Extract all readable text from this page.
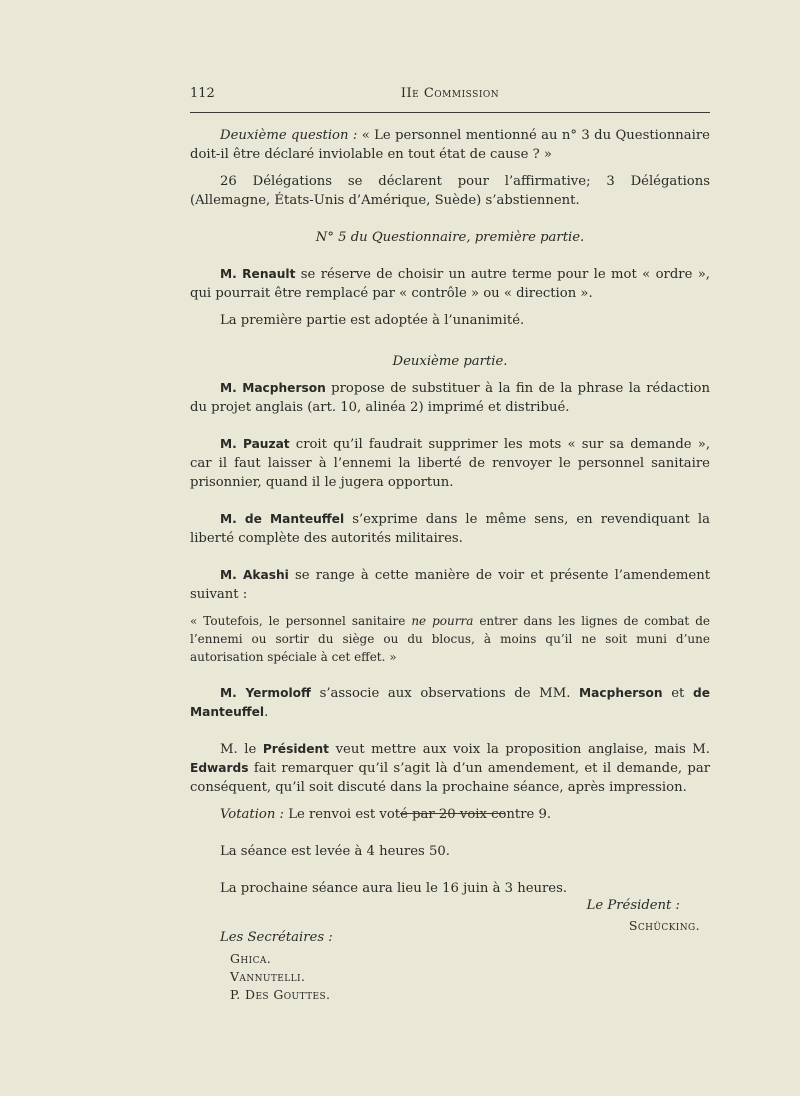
112	IIe Commission

Deuxième question : « Le personnel mentionné au n° 3 du Questionnaire doit-il être déclaré inviolable en tout état de cause ? »

26 Délégations se déclarent pour l’affirmative; 3 Délégations (Allemagne, États-Unis d’Amérique, Suède) s’abstiennent.

N° 5 du Questionnaire, première partie.

M. Renault se réserve de choisir un autre terme pour le mot « ordre », qui pourrait être remplacé par « contrôle » ou « direction ».

La première partie est adoptée à l’unanimité.

Deuxième partie.

M. Macpherson propose de substituer à la fin de la phrase la rédaction du projet anglais (art. 10, alinéa 2) imprimé et distribué.

M. Pauzat croit qu’il faudrait supprimer les mots « sur sa demande », car il faut laisser à l’ennemi la liberté de renvoyer le personnel sanitaire prisonnier, quand il le jugera opportun.

M. de Manteuffel s’exprime dans le même sens, en revendiquant la liberté complète des autorités militaires.

M. Akashi se range à cette manière de voir et présente l’amendement suivant :

« Toutefois, le personnel sanitaire ne pourra entrer dans les lignes de combat de l’ennemi ou sortir du siège ou du blocus, à moins qu’il ne soit muni d’une autorisation spéciale à cet effet. »

M. Yermoloff s’associe aux observations de MM. Macpherson et de Manteuffel.

M. le Président veut mettre aux voix la proposition anglaise, mais M. Edwards fait remarquer qu’il s’agit là d’un amendement, et il demande, par conséquent, qu’il soit discuté dans la prochaine séance, après impression.

Votation : Le renvoi est voté par 20 voix contre 9.

La séance est levée à 4 heures 50.

La prochaine séance aura lieu le 16 juin à 3 heures.

Le Président :
Schücking.
Les Secrétaires :
Ghica.
Vannutelli.
P. Des Gouttes.
